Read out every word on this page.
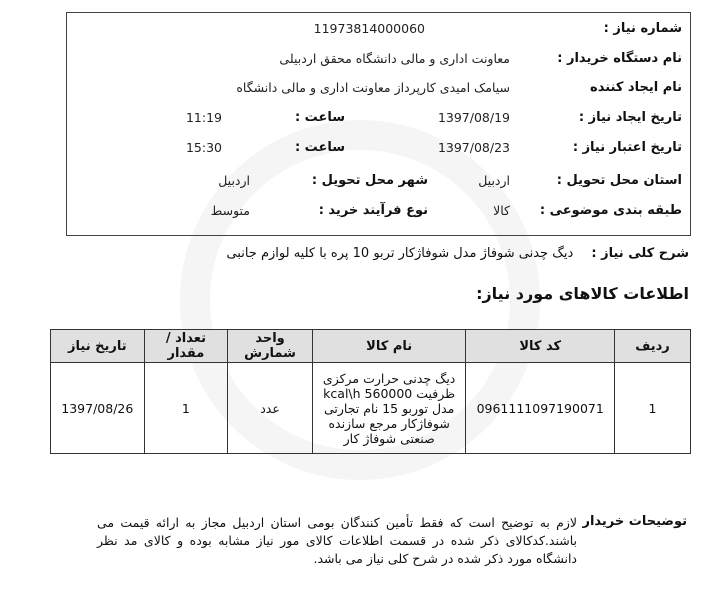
شماره نیاز :
11973814000060
نام دستگاه خریدار :
معاونت اداری و مالی دانشگاه محقق اردبیلی
نام ایجاد کننده
سیامک امیدی کارپرداز معاونت اداری و مالی دانشگاه
تاریخ ایجاد نیاز :
1397/08/19
ساعت :
11:19
تاریخ اعتبار نیاز :
1397/08/23
ساعت :
15:30
استان محل تحویل :
اردبیل
شهر محل تحویل :
اردبیل
طبقه بندی موضوعی :
کالا
نوع فرآیند خرید :
متوسط
شرح کلی نیاز : دیگ چدنی شوفاژ مدل شوفاژکار تربو 10 پره با کلیه لوازم جانبی
اطلاعات کالاهای مورد نیاز:
ردیف	کد کالا	نام کالا	واحد شمارش	تعداد / مقدار	تاریخ نیاز
1	0961111097190071	دیگ چدنی حرارت مرکزی ظرفیت 560000 kcal\h مدل توربو 15 نام تجارتی شوفاژکار مرجع سازنده صنعتی شوفاژ کار	عدد	1	1397/08/26
توضیحات خریدار
لازم به توضیح است که فقط تأمین کنندگان بومی استان اردبیل مجاز به ارائه قیمت می باشند.کدکالای ذکر شده در قسمت اطلاعات کالای مور نیاز مشابه بوده و کالای مد نظر دانشگاه مورد ذکر شده در شرح کلی نیاز می باشد.
